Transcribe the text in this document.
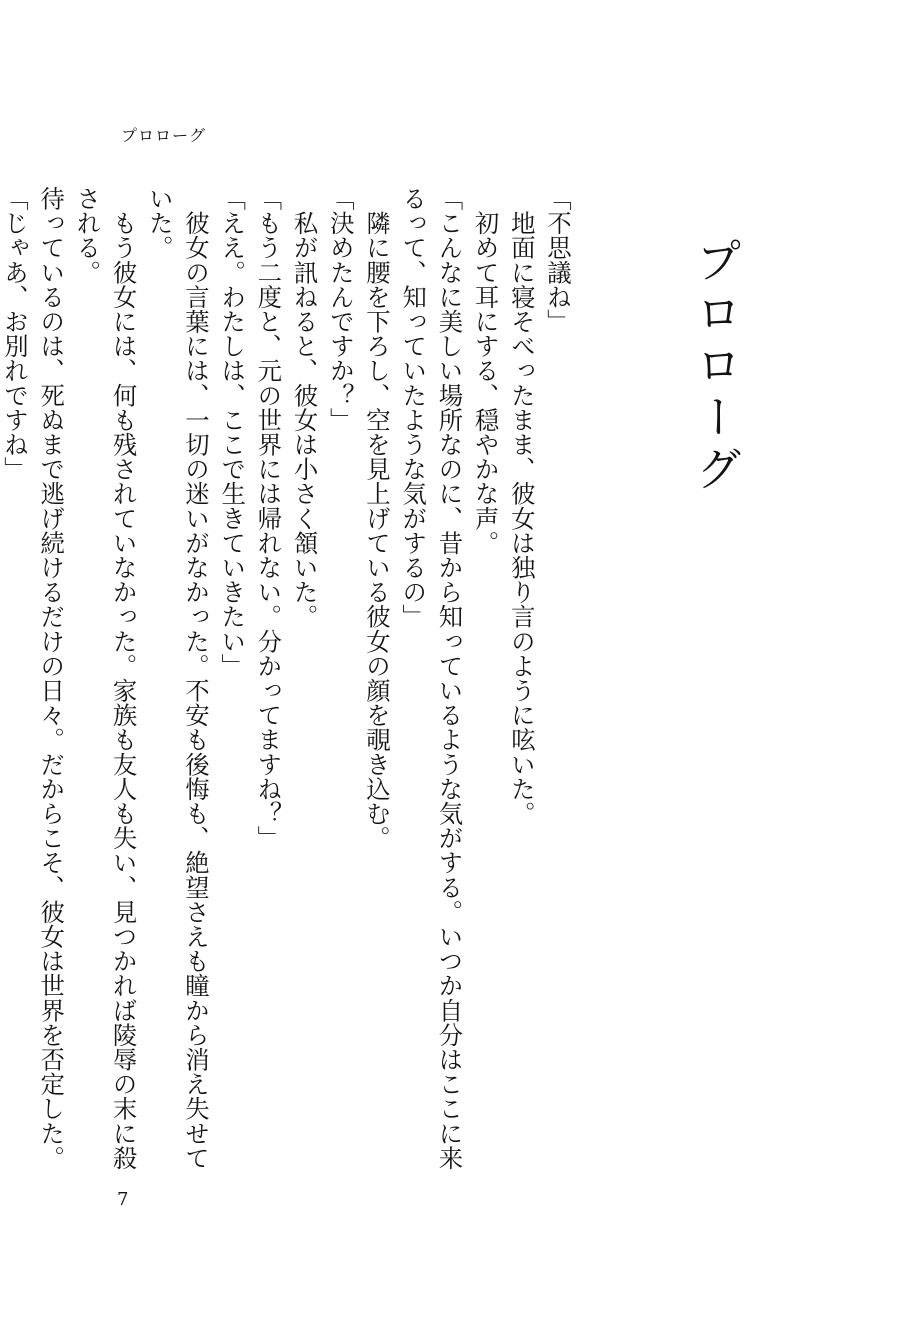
プロローグ
プロローグ

「不思議ね」

　地面に寝そべったまま、彼女は独り言のように呟いた。

　初めて耳にする、穏やかな声。

「こんなに美しい場所なのに、昔から知っているような気がする。いつか自分はここに来るって、知っていたような気がするの」

　隣に腰を下ろし、空を見上げている彼女の顔を覗き込む。

「決めたんですか？」

　私が訊ねると、彼女は小さく頷いた。

「もう二度と、元の世界には帰れない。分かってますね？」

「ええ。わたしは、ここで生きていきたい」

　彼女の言葉には、一切の迷いがなかった。不安も後悔も、絶望さえも瞳から消え失せていた。

　もう彼女には、何も残されていなかった。家族も友人も失い、見つかれば陵辱の末に殺される。

待っているのは、死ぬまで逃げ続けるだけの日々。だからこそ、彼女は世界を否定した。

「じゃあ、お別れですね」

7
